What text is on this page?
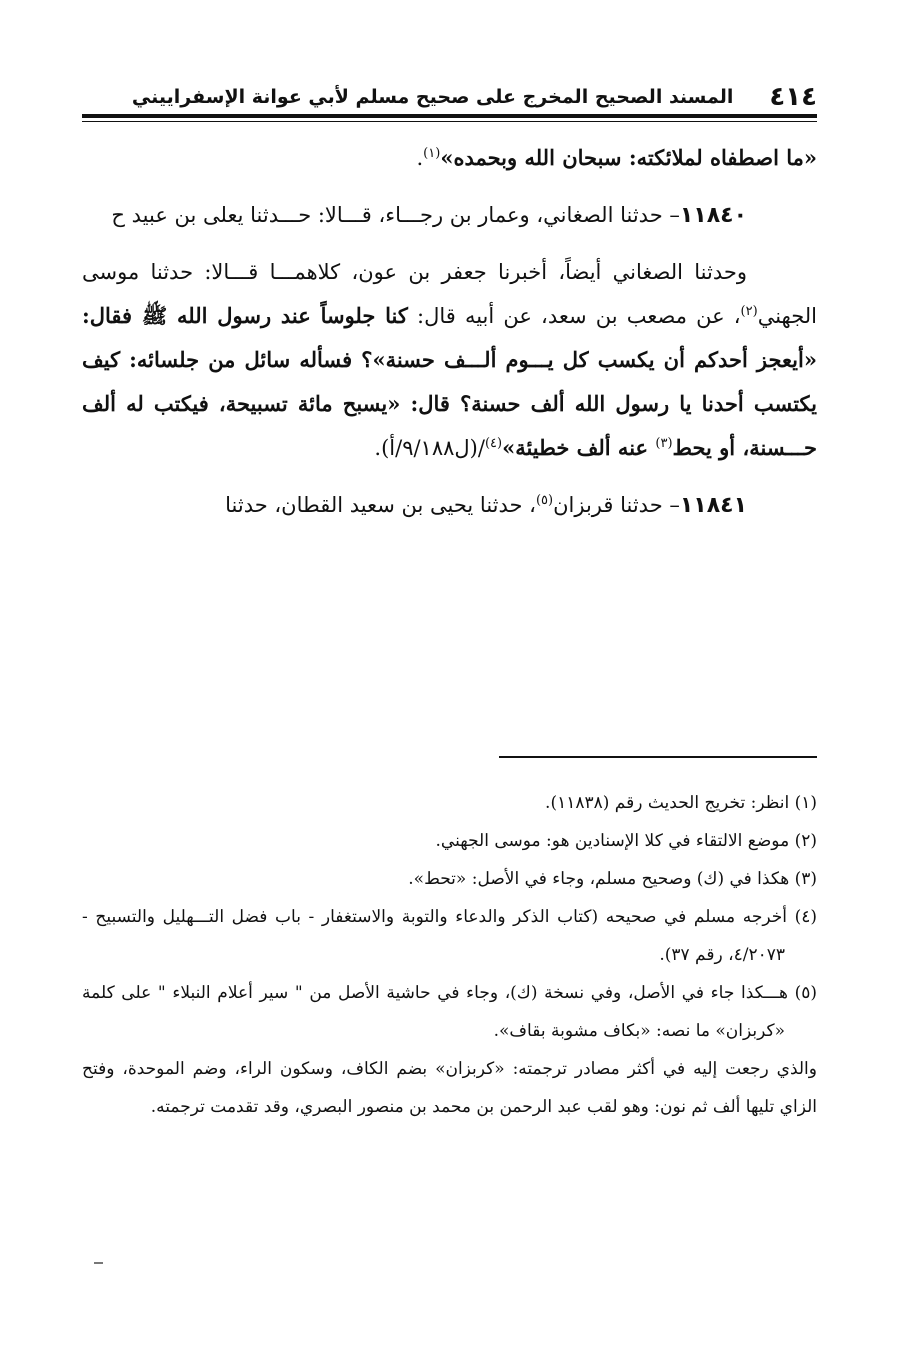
٤١٤
المسند الصحيح المخرج على صحيح مسلم لأبي عوانة الإسفراييني

«ما اصطفاه لملائكته: سبحان الله وبحمده»$^{(١)}$.

١١٨٤٠– حدثنا الصغاني، وعمار بن رجـــاء، قـــالا: حـــدثنا يعلى بن عبيد ح

وحدثنا الصغاني أيضاً، أخبرنا جعفر بن عون، كلاهمـــا قـــالا: حدثنا موسى الجهني$^{(٢)}$، عن مصعب بن سعد، عن أبيه قال: كنا جلوساً عند رسول الله ﷺ فقال: «أيعجز أحدكم أن يكسب كل يـــوم ألـــف حسنة»؟ فسأله سائل من جلسائه: كيف يكتسب أحدنا يا رسول الله ألف حسنة؟ قال: «يسبح مائة تسبيحة، فيكتب له ألف حـــسنة، أو يحط$^{(٣)}$ عنه ألف خطيئة»$^{(٤)}$/(ل٩/١٨٨/أ).

١١٨٤١– حدثنا قربزان$^{(٥)}$، حدثنا يحيى بن سعيد القطان، حدثنا

(١) انظر: تخريج الحديث رقم (١١٨٣٨).

(٢) موضع الالتقاء في كلا الإسنادين هو: موسى الجهني.

(٣) هكذا في (ك) وصحيح مسلم، وجاء في الأصل: «تحط».

(٤) أخرجه مسلم في صحيحه (كتاب الذكر والدعاء والتوبة والاستغفار - باب فضل التـــهليل والتسبيح - ٤/٢٠٧٣، رقم ٣٧).

(٥) هـــكذا جاء في الأصل، وفي نسخة (ك)، وجاء في حاشية الأصل من " سير أعلام النبلاء " على كلمة «كربزان» ما نصه: «بكاف مشوبة بقاف».

والذي رجعت إليه في أكثر مصادر ترجمته: «كربزان» بضم الكاف، وسكون الراء، وضم الموحدة، وفتح الزاي تليها ألف ثم نون: وهو لقب عبد الرحمن بن محمد بن منصور البصري، وقد تقدمت ترجمته.
